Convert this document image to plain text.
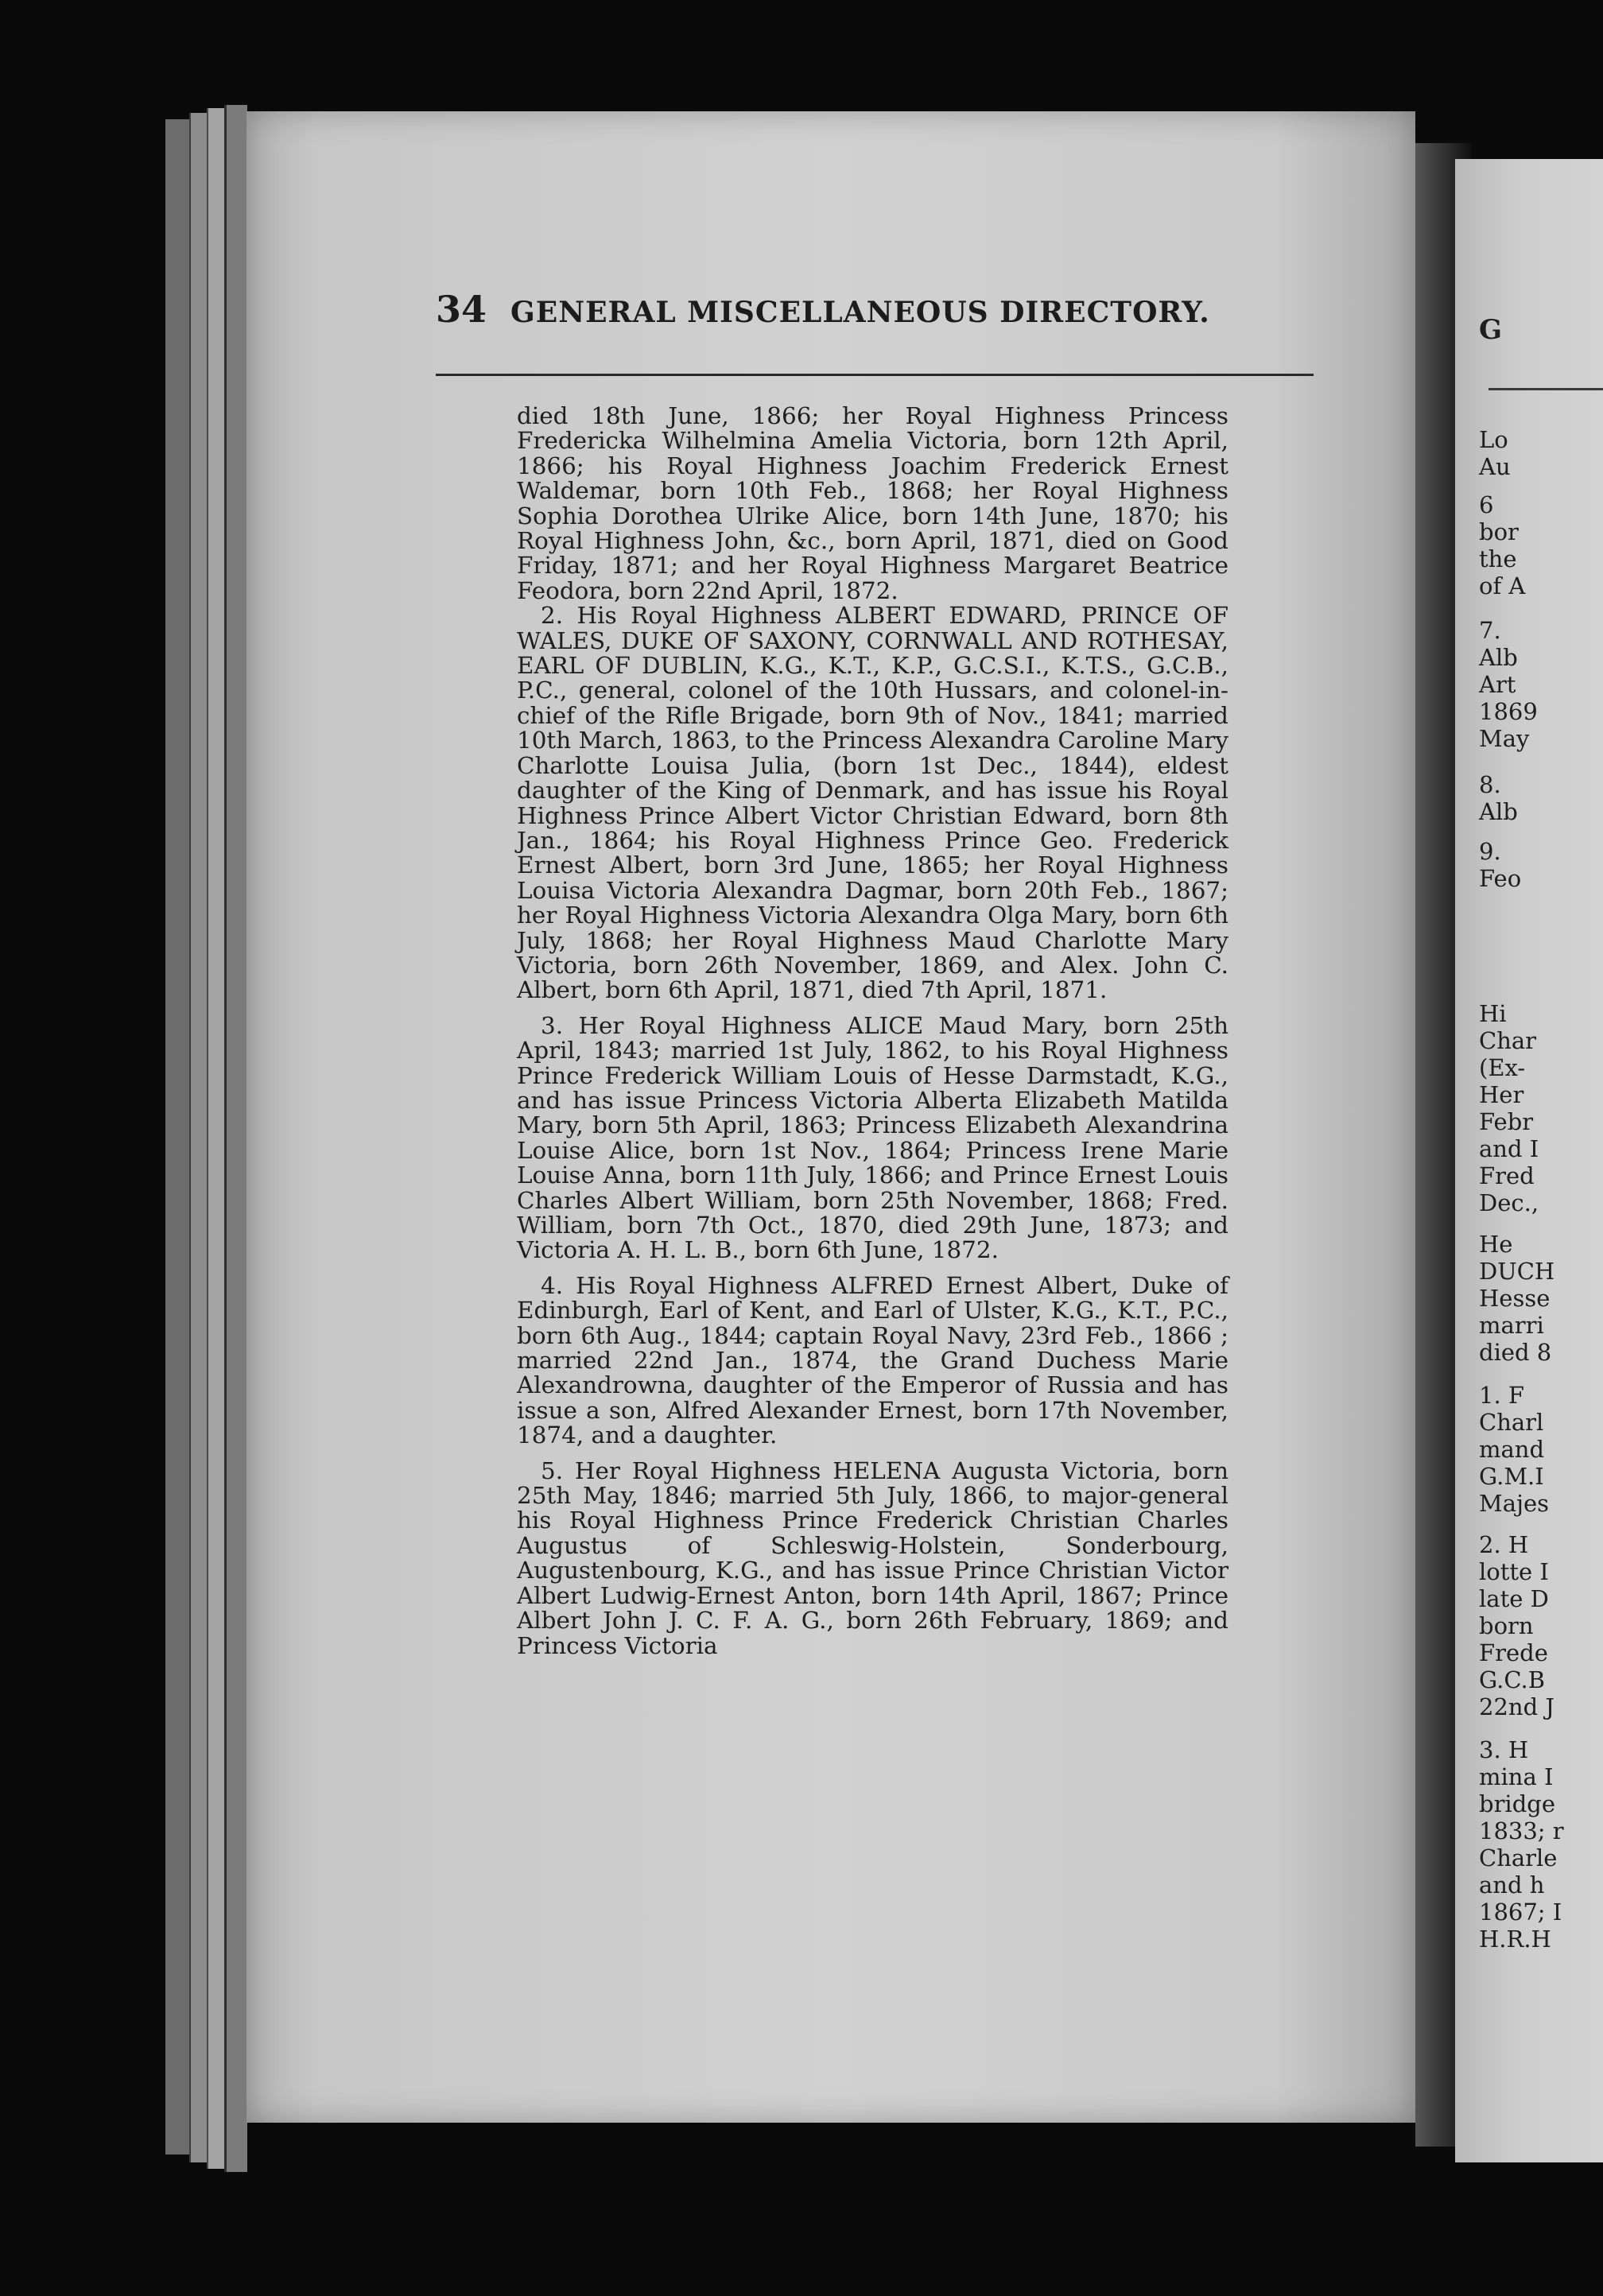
34 GENERAL MISCELLANEOUS DIRECTORY.

died 18th June, 1866; her Royal Highness Princess Fredericka Wilhelmina Amelia Victoria, born 12th April, 1866; his Royal Highness Joachim Frederick Ernest Waldemar, born 10th Feb., 1868; her Royal Highness Sophia Dorothea Ulrike Alice, born 14th June, 1870; his Royal Highness John, &c., born April, 1871, died on Good Friday, 1871; and her Royal Highness Margaret Beatrice Feodora, born 22nd April, 1872.

2. His Royal Highness ALBERT EDWARD, PRINCE OF WALES, DUKE OF SAXONY, CORNWALL AND ROTHESAY, EARL OF DUBLIN, K.G., K.T., K.P., G.C.S.I., K.T.S., G.C.B., P.C., general, colonel of the 10th Hussars, and colonel-in-chief of the Rifle Brigade, born 9th of Nov., 1841; married 10th March, 1863, to the Princess Alexandra Caroline Mary Charlotte Louisa Julia, (born 1st Dec., 1844), eldest daughter of the King of Denmark, and has issue his Royal Highness Prince Albert Victor Christian Edward, born 8th Jan., 1864; his Royal Highness Prince Geo. Frederick Ernest Albert, born 3rd June, 1865; her Royal Highness Louisa Victoria Alexandra Dagmar, born 20th Feb., 1867; her Royal Highness Victoria Alexandra Olga Mary, born 6th July, 1868; her Royal Highness Maud Charlotte Mary Victoria, born 26th November, 1869, and Alex. John C. Albert, born 6th April, 1871, died 7th April, 1871.

3. Her Royal Highness ALICE Maud Mary, born 25th April, 1843; married 1st July, 1862, to his Royal Highness Prince Frederick William Louis of Hesse Darmstadt, K.G., and has issue Princess Victoria Alberta Elizabeth Matilda Mary, born 5th April, 1863; Princess Elizabeth Alexandrina Louise Alice, born 1st Nov., 1864; Princess Irene Marie Louise Anna, born 11th July, 1866; and Prince Ernest Louis Charles Albert William, born 25th November, 1868; Fred. William, born 7th Oct., 1870, died 29th June, 1873; and Victoria A. H. L. B., born 6th June, 1872.

4. His Royal Highness ALFRED Ernest Albert, Duke of Edinburgh, Earl of Kent, and Earl of Ulster, K.G., K.T., P.C., born 6th Aug., 1844; captain Royal Navy, 23rd Feb., 1866 ; married 22nd Jan., 1874, the Grand Duchess Marie Alexandrowna, daughter of the Emperor of Russia and has issue a son, Alfred Alexander Ernest, born 17th November, 1874, and a daughter.

5. Her Royal Highness HELENA Augusta Victoria, born 25th May, 1846; married 5th July, 1866, to major-general his Royal Highness Prince Frederick Christian Charles Augustus of Schleswig-Holstein, Sonderbourg, Augustenbourg, K.G., and has issue Prince Christian Victor Albert Ludwig-Ernest Anton, born 14th April, 1867; Prince Albert John J. C. F. A. G., born 26th February, 1869; and Princess Victoria

G
Lo
Au
6
bor
the
of A
7.
Alb
Art
1869
May
8.
Alb
9.
Feo
Hi
Char
(Ex-
Her
Febr
and I
Fred
Dec.,
He
DUCH
Hesse
marri
died 8
1. F
Charl
mand
G.M.I
Majes
2. H
lotte I
late D
born
Frede
G.C.B
22nd J
3. H
mina I
bridge
1833; r
Charle
and h
1867; I
H.R.H
